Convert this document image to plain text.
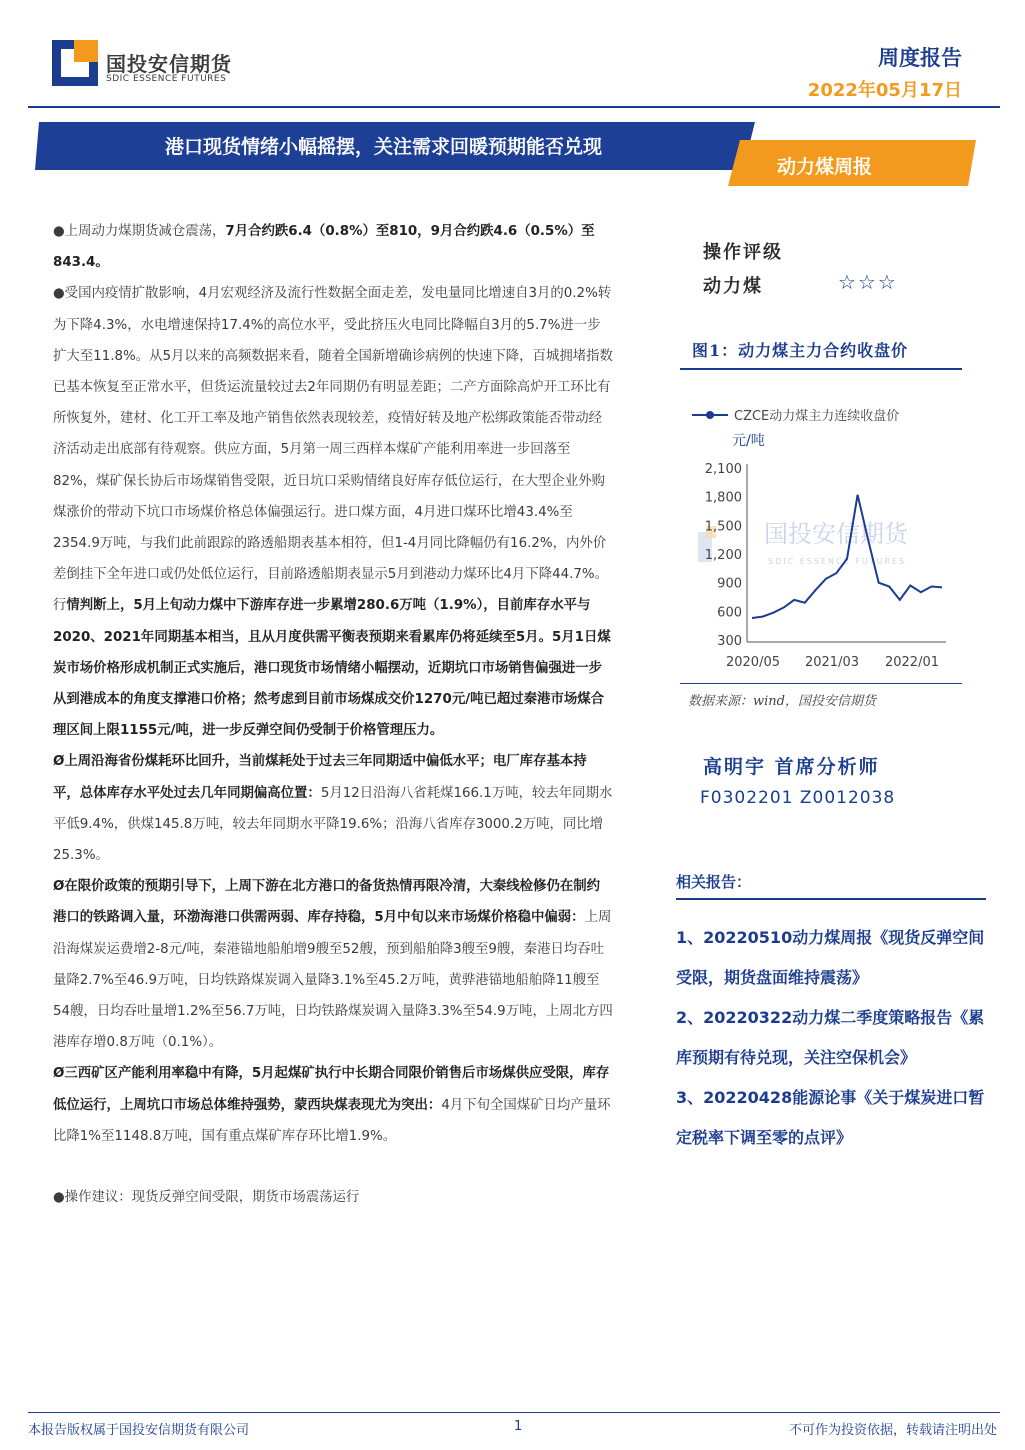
国投安信期货
SDIC ESSENCE FUTURES
周度报告
2022年05月17日
港口现货情绪小幅摇摆，关注需求回暖预期能否兑现
动力煤周报

●上周动力煤期货减仓震荡，7月合约跌6.4（0.8%）至810，9月合约跌4.6（0.5%）至843.4。

●受国内疫情扩散影响，4月宏观经济及流行性数据全面走差，发电量同比增速自3月的0.2%转为下降4.3%，水电增速保持17.4%的高位水平，受此挤压火电同比降幅自3月的5.7%进一步扩大至11.8%。从5月以来的高频数据来看，随着全国新增确诊病例的快速下降，百城拥堵指数已基本恢复至正常水平，但货运流量较过去2年同期仍有明显差距；二产方面除高炉开工环比有所恢复外，建材、化工开工率及地产销售依然表现较差，疫情好转及地产松绑政策能否带动经济活动走出底部有待观察。供应方面，5月第一周三西样本煤矿产能利用率进一步回落至82%，煤矿保长协后市场煤销售受限，近日坑口采购情绪良好库存低位运行，在大型企业外购煤涨价的带动下坑口市场煤价格总体偏强运行。进口煤方面，4月进口煤环比增43.4%至2354.9万吨，与我们此前跟踪的路透船期表基本相符，但1-4月同比降幅仍有16.2%，内外价差倒挂下全年进口或仍处低位运行，目前路透船期表显示5月到港动力煤环比4月下降44.7%。行情判断上，5月上旬动力煤中下游库存进一步累增280.6万吨（1.9%），目前库存水平与2020、2021年同期基本相当，且从月度供需平衡表预期来看累库仍将延续至5月。5月1日煤炭市场价格形成机制正式实施后，港口现货市场情绪小幅摆动，近期坑口市场销售偏强进一步从到港成本的角度支撑港口价格；然考虑到目前市场煤成交价1270元/吨已超过秦港市场煤合理区间上限1155元/吨，进一步反弹空间仍受制于价格管理压力。

Ø上周沿海省份煤耗环比回升，当前煤耗处于过去三年同期适中偏低水平；电厂库存基本持平，总体库存水平处过去几年同期偏高位置：5月12日沿海八省耗煤166.1万吨，较去年同期水平低9.4%，供煤145.8万吨，较去年同期水平降19.6%；沿海八省库存3000.2万吨，同比增25.3%。

Ø在限价政策的预期引导下，上周下游在北方港口的备货热情再限冷清，大秦线检修仍在制约港口的铁路调入量，环渤海港口供需两弱、库存持稳，5月中旬以来市场煤价格稳中偏弱：上周沿海煤炭运费增2-8元/吨，秦港锚地船舶增9艘至52艘，预到船舶降3艘至9艘，秦港日均吞吐量降2.7%至46.9万吨，日均铁路煤炭调入量降3.1%至45.2万吨，黄骅港锚地船舶降11艘至54艘，日均吞吐量增1.2%至56.7万吨，日均铁路煤炭调入量降3.3%至54.9万吨，上周北方四港库存增0.8万吨（0.1%）。

Ø三西矿区产能利用率稳中有降，5月起煤矿执行中长期合同限价销售后市场煤供应受限，库存低位运行，上周坑口市场总体维持强势，蒙西块煤表现尤为突出：4月下旬全国煤矿日均产量环比降1%至1148.8万吨，国有重点煤矿库存环比增1.9%。

●操作建议：现货反弹空间受限，期货市场震荡运行

操作评级
动力煤	☆☆☆
图1：动力煤主力合约收盘价
国投安信期货
SDIC ESSENCE FUTURES
CZCE动力煤主力连续收盘价
元/吨
2,100
1,800
1,500
1,200
900
600
300
2020/05 2021/03 2022/01
数据来源：wind，国投安信期货
高明宇 首席分析师
F0302201 Z0012038
相关报告：
1、20220510动力煤周报《现货反弹空间受限，期货盘面维持震荡》
2、20220322动力煤二季度策略报告《累库预期有待兑现，关注空保机会》
3、20220428能源论事《关于煤炭进口暂定税率下调至零的点评》
本报告版权属于国投安信期货有限公司	1	不可作为投资依据，转载请注明出处
